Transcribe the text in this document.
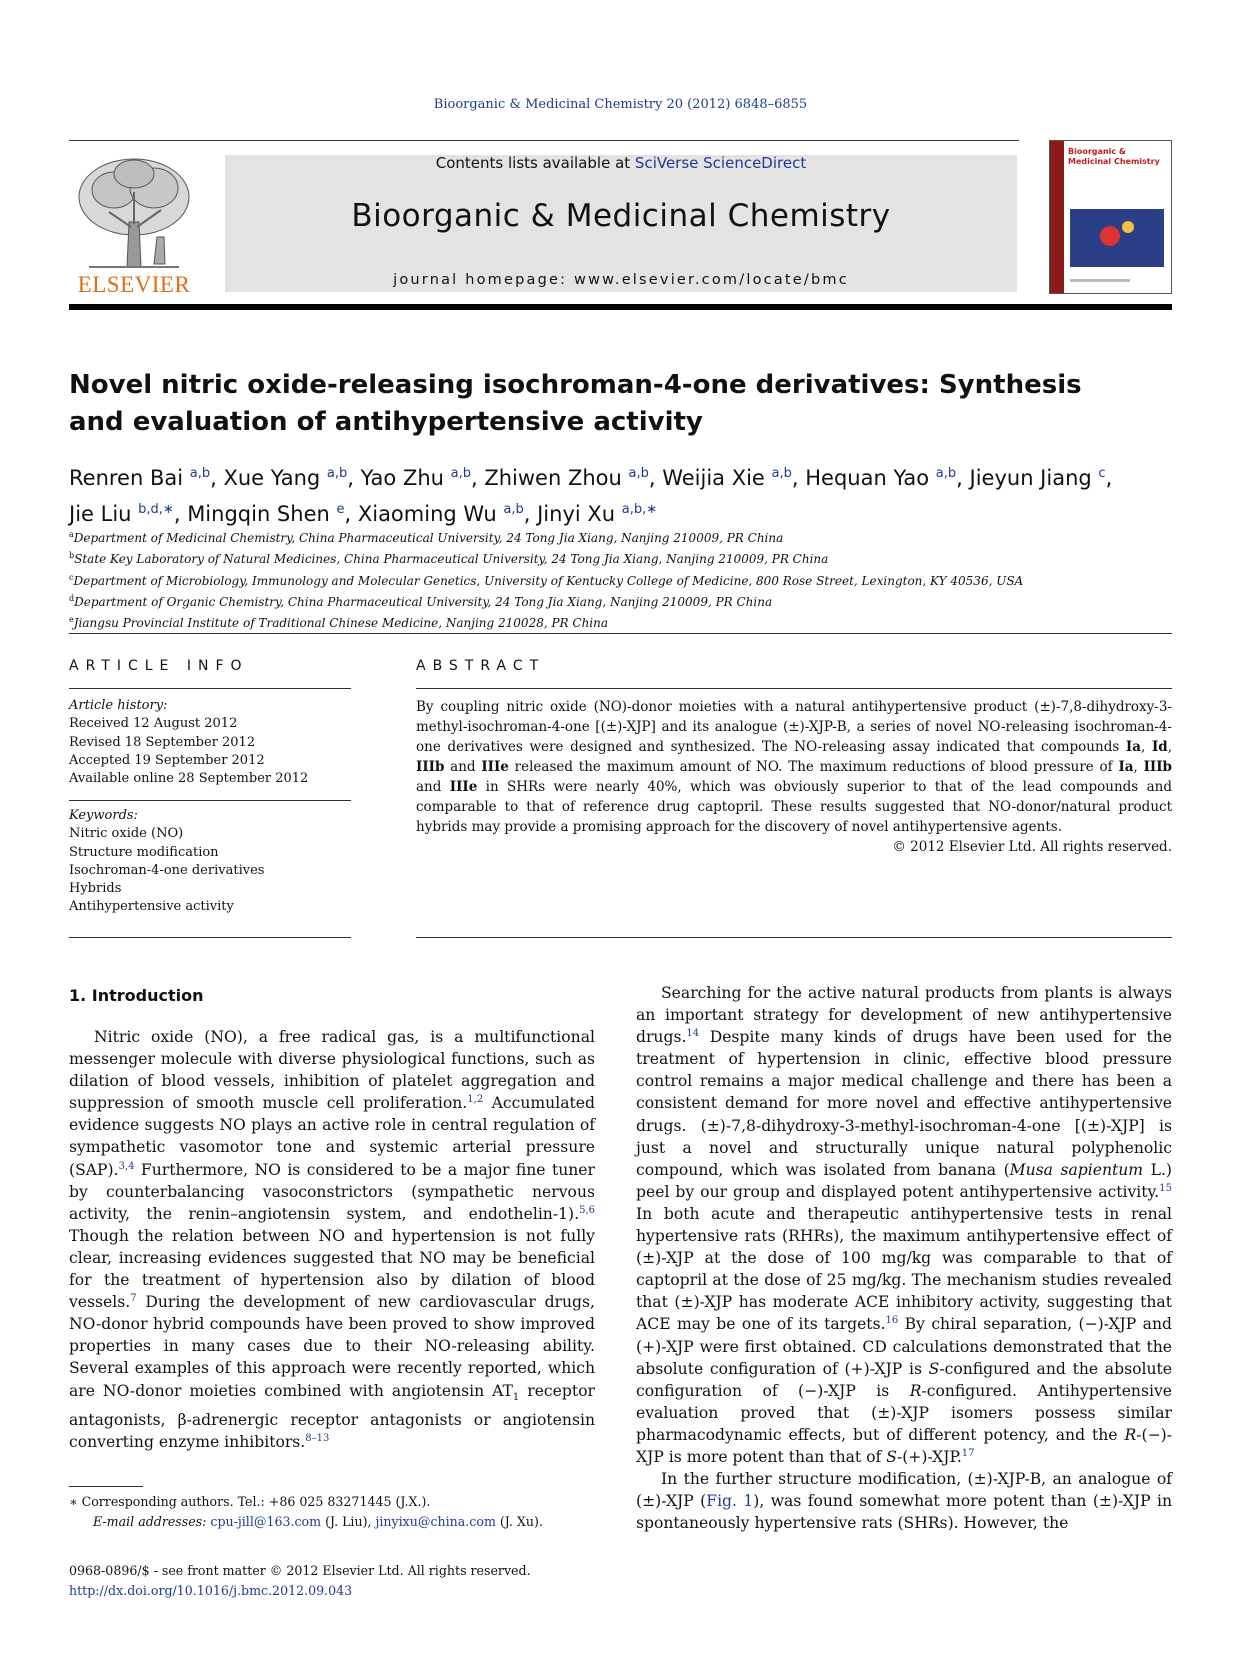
Bioorganic & Medicinal Chemistry 20 (2012) 6848–6855
ELSEVIER
Contents lists available at SciVerse ScienceDirect
Bioorganic & Medicinal Chemistry
journal homepage: www.elsevier.com/locate/bmc
Bioorganic & Medicinal Chemistry
Novel nitric oxide-releasing isochroman-4-one derivatives: Synthesis
and evaluation of antihypertensive activity
Renren Bai $^{a,b}$, Xue Yang $^{a,b}$, Yao Zhu $^{a,b}$, Zhiwen Zhou $^{a,b}$, Weijia Xie $^{a,b}$, Hequan Yao $^{a,b}$, Jieyun Jiang $^c$,
Jie Liu $^{b,d,∗}$, Mingqin Shen $^e$, Xiaoming Wu $^{a,b}$, Jinyi Xu $^{a,b,∗}$
$^a$Department of Medicinal Chemistry, China Pharmaceutical University, 24 Tong Jia Xiang, Nanjing 210009, PR China
$^b$State Key Laboratory of Natural Medicines, China Pharmaceutical University, 24 Tong Jia Xiang, Nanjing 210009, PR China
$^c$Department of Microbiology, Immunology and Molecular Genetics, University of Kentucky College of Medicine, 800 Rose Street, Lexington, KY 40536, USA
$^d$Department of Organic Chemistry, China Pharmaceutical University, 24 Tong Jia Xiang, Nanjing 210009, PR China
$^e$Jiangsu Provincial Institute of Traditional Chinese Medicine, Nanjing 210028, PR China
ARTICLE INFO
Article history:
Received 12 August 2012
Revised 18 September 2012
Accepted 19 September 2012
Available online 28 September 2012
Keywords:
Nitric oxide (NO)
Structure modification
Isochroman-4-one derivatives
Hybrids
Antihypertensive activity
ABSTRACT
By coupling nitric oxide (NO)-donor moieties with a natural antihypertensive product (±)-7,8-dihydroxy-3-methyl-isochroman-4-one [(±)-XJP] and its analogue (±)-XJP-B, a series of novel NO-releasing isochroman-4-one derivatives were designed and synthesized. The NO-releasing assay indicated that compounds Ia, Id, IIIb and IIIe released the maximum amount of NO. The maximum reductions of blood pressure of Ia, IIIb and IIIe in SHRs were nearly 40%, which was obviously superior to that of the lead compounds and comparable to that of reference drug captopril. These results suggested that NO-donor/natural product hybrids may provide a promising approach for the discovery of novel antihypertensive agents.
© 2012 Elsevier Ltd. All rights reserved.
1. Introduction

Nitric oxide (NO), a free radical gas, is a multifunctional messenger molecule with diverse physiological functions, such as dilation of blood vessels, inhibition of platelet aggregation and suppression of smooth muscle cell proliferation.$^{1,2}$ Accumulated evidence suggests NO plays an active role in central regulation of sympathetic vasomotor tone and systemic arterial pressure (SAP).$^{3,4}$ Furthermore, NO is considered to be a major fine tuner by counterbalancing vasoconstrictors (sympathetic nervous activity, the renin–angiotensin system, and endothelin-1).$^{5,6}$ Though the relation between NO and hypertension is not fully clear, increasing evidences suggested that NO may be beneficial for the treatment of hypertension also by dilation of blood vessels.$^7$ During the development of new cardiovascular drugs, NO-donor hybrid compounds have been proved to show improved properties in many cases due to their NO-releasing ability. Several examples of this approach were recently reported, which are NO-donor moieties combined with angiotensin $AT_1$ receptor antagonists, β-adrenergic receptor antagonists or angiotensin converting enzyme inhibitors.$^{8-13}$

Searching for the active natural products from plants is always an important strategy for development of new antihypertensive drugs.$^{14}$ Despite many kinds of drugs have been used for the treatment of hypertension in clinic, effective blood pressure control remains a major medical challenge and there has been a consistent demand for more novel and effective antihypertensive drugs. (±)-7,8-dihydroxy-3-methyl-isochroman-4-one [(±)-XJP] is just a novel and structurally unique natural polyphenolic compound, which was isolated from banana (Musa sapientum L.) peel by our group and displayed potent antihypertensive activity.$^{15}$ In both acute and therapeutic antihypertensive tests in renal hypertensive rats (RHRs), the maximum antihypertensive effect of (±)-XJP at the dose of 100 mg/kg was comparable to that of captopril at the dose of 25 mg/kg. The mechanism studies revealed that (±)-XJP has moderate ACE inhibitory activity, suggesting that ACE may be one of its targets.$^{16}$ By chiral separation, (−)-XJP and (+)-XJP were first obtained. CD calculations demonstrated that the absolute configuration of (+)-XJP is S-configured and the absolute configuration of (−)-XJP is R-configured. Antihypertensive evaluation proved that (±)-XJP isomers possess similar pharmacodynamic effects, but of different potency, and the R-(−)-XJP is more potent than that of S-(+)-XJP.$^{17}$

In the further structure modification, (±)-XJP-B, an analogue of (±)-XJP (Fig. 1), was found somewhat more potent than (±)-XJP in spontaneously hypertensive rats (SHRs). However, the

∗ Corresponding authors. Tel.: +86 025 83271445 (J.X.).
E-mail addresses: cpu-jill@163.com (J. Liu), jinyixu@china.com (J. Xu).
0968-0896/$ - see front matter © 2012 Elsevier Ltd. All rights reserved.
http://dx.doi.org/10.1016/j.bmc.2012.09.043
